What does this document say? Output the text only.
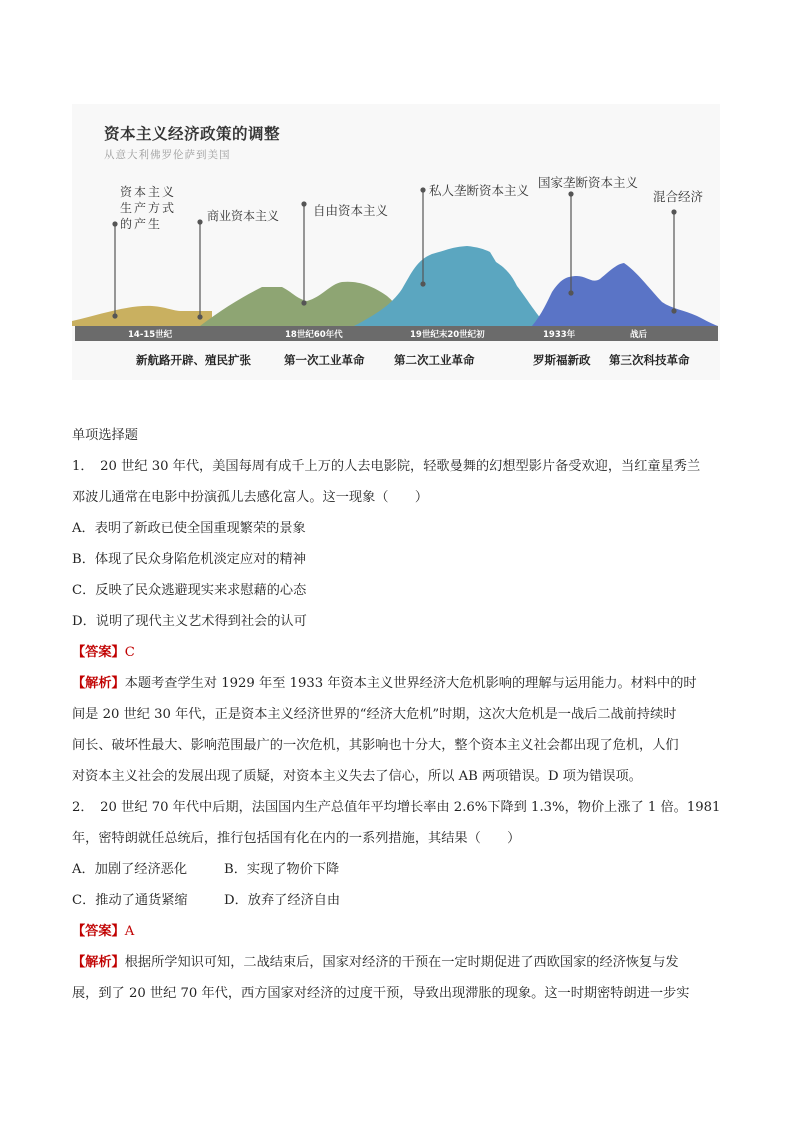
资本主义经济政策的调整
从意大利佛罗伦萨到美国
资本主义
生产方式
的产生
商业资本主义	自由资本主义
私人垄断资本主义
国家垄断资本主义
混合经济
14-15世纪	18世纪60年代	19世纪末20世纪初	1933年	战后
新航路开辟、殖民扩张	第一次工业革命	第二次工业革命	罗斯福新政 第三次科技革命
单项选择题
1．　20 世纪 30 年代，美国每周有成千上万的人去电影院，轻歌曼舞的幻想型影片备受欢迎，当红童星秀兰
邓波儿通常在电影中扮演孤儿去感化富人。这一现象（　　）
A．表明了新政已使全国重现繁荣的景象
B．体现了民众身陷危机淡定应对的精神
C．反映了民众逃避现实来求慰藉的心态
D．说明了现代主义艺术得到社会的认可
【答案】C
【解析】本题考查学生对 1929 年至 1933 年资本主义世界经济大危机影响的理解与运用能力。材料中的时
间是 20 世纪 30 年代，正是资本主义经济世界的“经济大危机”时期，这次大危机是一战后二战前持续时
间长、破坏性最大、影响范围最广的一次危机，其影响也十分大，整个资本主义社会都出现了危机，人们
对资本主义社会的发展出现了质疑，对资本主义失去了信心，所以 AB 两项错误。D 项为错误项。
2．　20 世纪 70 年代中后期，法国国内生产总值年平均增长率由 2.6%下降到 1.3%，物价上涨了 1 倍。1981
年，密特朗就任总统后，推行包括国有化在内的一系列措施，其结果（　　）
A．加剧了经济恶化	B．实现了物价下降
C．推动了通货紧缩	D．放弃了经济自由
【答案】A
【解析】根据所学知识可知，二战结束后，国家对经济的干预在一定时期促进了西欧国家的经济恢复与发
展，到了 20 世纪 70 年代，西方国家对经济的过度干预，导致出现滞胀的现象。这一时期密特朗进一步实
